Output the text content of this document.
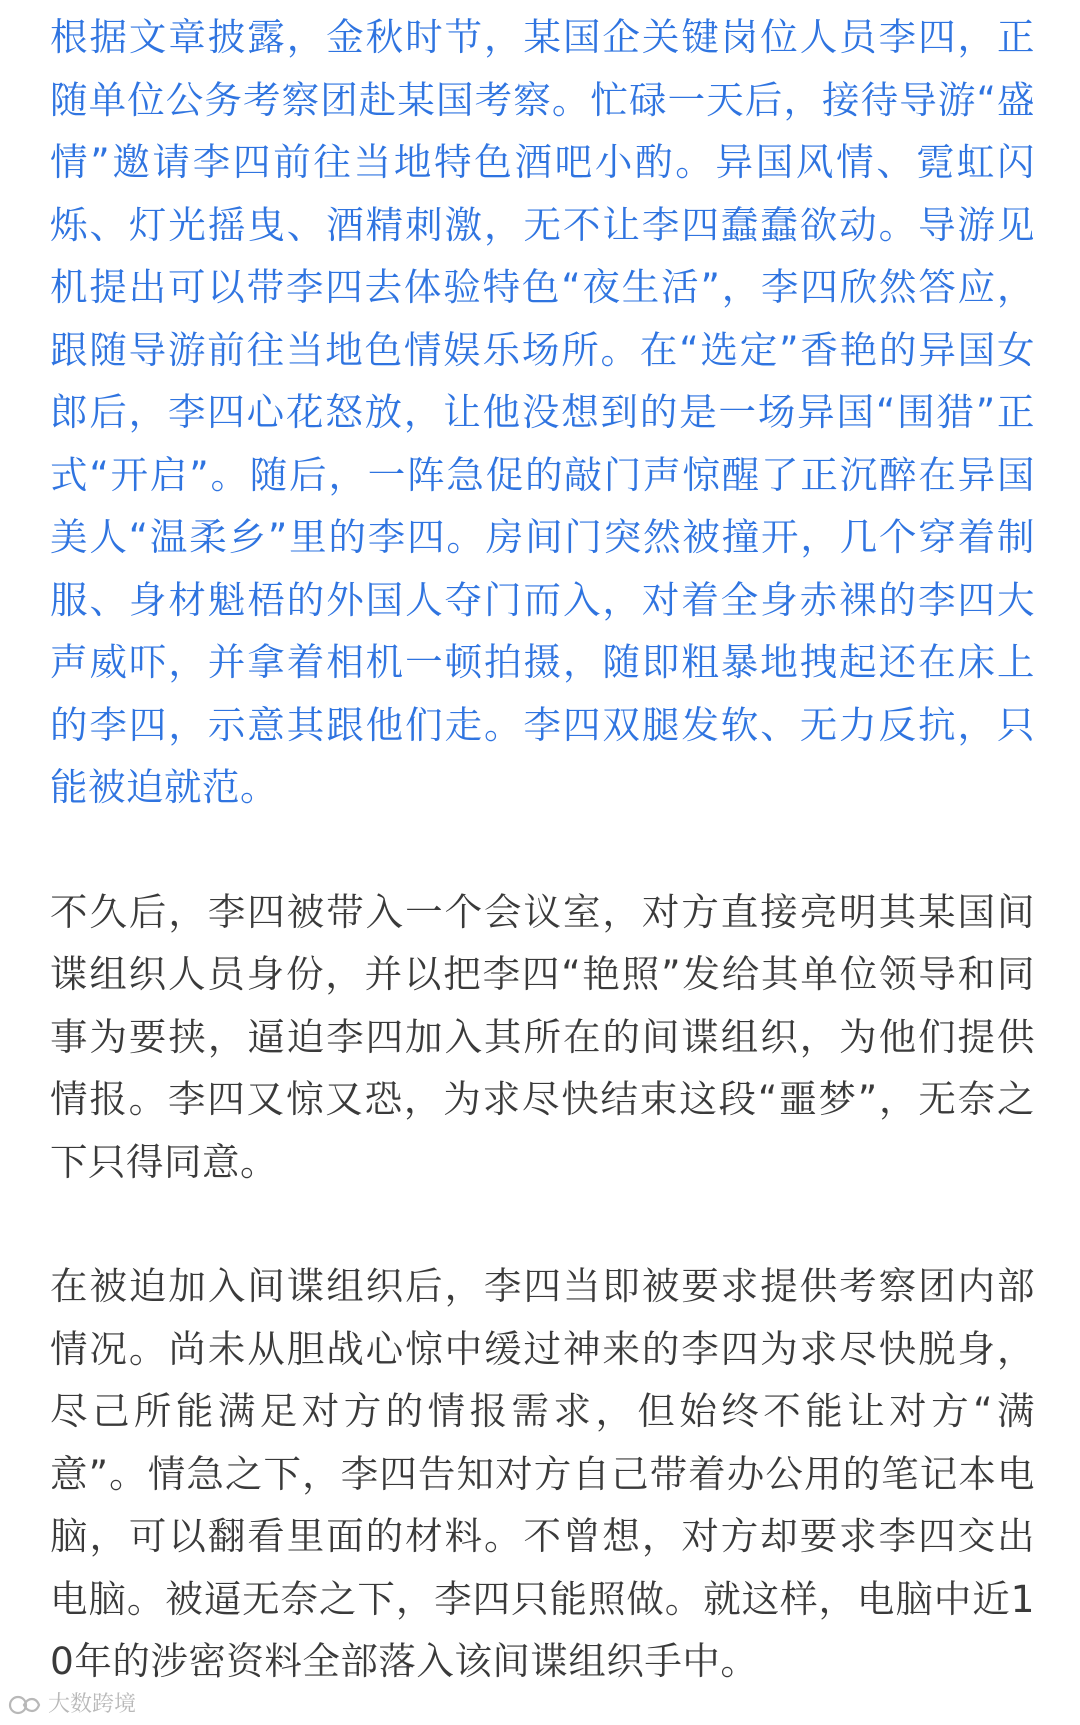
根据文章披露，金秋时节，某国企关键岗位人员李四，正随单位公务考察团赴某国考察。忙碌一天后，接待导游“盛情”邀请李四前往当地特色酒吧小酌。异国风情、霓虹闪烁、灯光摇曳、酒精刺激，无不让李四蠢蠢欲动。导游见机提出可以带李四去体验特色“夜生活”，李四欣然答应，跟随导游前往当地色情娱乐场所。在“选定”香艳的异国女郎后，李四心花怒放，让他没想到的是一场异国“围猎”正式“开启”。随后，一阵急促的敲门声惊醒了正沉醉在异国美人“温柔乡”里的李四。房间门突然被撞开，几个穿着制服、身材魁梧的外国人夺门而入，对着全身赤裸的李四大声威吓，并拿着相机一顿拍摄，随即粗暴地拽起还在床上的李四，示意其跟他们走。李四双腿发软、无力反抗，只能被迫就范。

不久后，李四被带入一个会议室，对方直接亮明其某国间谍组织人员身份，并以把李四“艳照”发给其单位领导和同事为要挟，逼迫李四加入其所在的间谍组织，为他们提供情报。李四又惊又恐，为求尽快结束这段“噩梦”，无奈之下只得同意。

在被迫加入间谍组织后，李四当即被要求提供考察团内部情况。尚未从胆战心惊中缓过神来的李四为求尽快脱身，尽己所能满足对方的情报需求，但始终不能让对方“满意”。情急之下，李四告知对方自己带着办公用的笔记本电脑，可以翻看里面的材料。不曾想，对方却要求李四交出电脑。被逼无奈之下，李四只能照做。就这样，电脑中近10年的涉密资料全部落入该间谍组织手中。

大数跨境
